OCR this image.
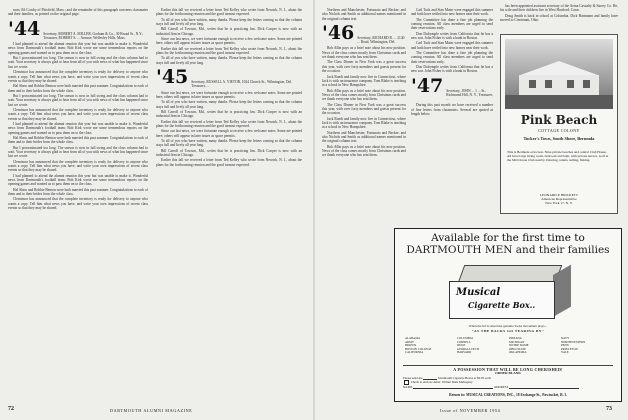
sons; Ed Crosby of Pittsfield, Mass.; and the remainder of this paragraph concerns classmates and their families, as printed on the original page.

'44 Secretary, ROBERT A. MILLER, Gorham & Co., 30 Broad St., N.Y.; Treasurer, ROBERT S. ... Avenue, Wellesley Hills, Mass.

I had planned to attend the alumni reunion this year but was unable to make it. Wonderful news from Dartmouth's football team: Bob Kirk wrote me some tremendous reports on the opening games and wanted us to pass them on to the class.

But I procrastinated too long. The season is now in full swing and the class column had to wait. Your secretary is always glad to hear from all of you with news of what has happened since last we wrote.

Cleminsor has announced that the complete inventory is ready for delivery to anyone who wants a copy. Tell him what news you have, and write your own impressions of recent class events so that they may be shared.

Hal Shaw and Robbie Benton were both married this past summer. Congratulations to each of them and to their brides from the whole class.

But I procrastinated too long. The season is now in full swing and the class column had to wait. Your secretary is always glad to hear from all of you with news of what has happened since last we wrote.

Cleminsor has announced that the complete inventory is ready for delivery to anyone who wants a copy. Tell him what news you have, and write your own impressions of recent class events so that they may be shared.

I had planned to attend the alumni reunion this year but was unable to make it. Wonderful news from Dartmouth's football team: Bob Kirk wrote me some tremendous reports on the opening games and wanted us to pass them on to the class.

Hal Shaw and Robbie Benton were both married this past summer. Congratulations to each of them and to their brides from the whole class.

But I procrastinated too long. The season is now in full swing and the class column had to wait. Your secretary is always glad to hear from all of you with news of what has happened since last we wrote.

Cleminsor has announced that the complete inventory is ready for delivery to anyone who wants a copy. Tell him what news you have, and write your own impressions of recent class events so that they may be shared.

I had planned to attend the alumni reunion this year but was unable to make it. Wonderful news from Dartmouth's football team: Bob Kirk wrote me some tremendous reports on the opening games and wanted us to pass them on to the class.

Hal Shaw and Robbie Benton were both married this past summer. Congratulations to each of them and to their brides from the whole class.

Cleminsor has announced that the complete inventory is ready for delivery to anyone who wants a copy. Tell him what news you have, and write your own impressions of recent class events so that they may be shared.

Earlier this fall we received a letter from Ted Kelley who wrote from Newark, N. J., about the plans for the forthcoming reunion and the good turnout expected.

To all of you who have written, many thanks. Please keep the letters coming so that the column stays full and lively all year long.

Bill Carroll of Towson, Md., writes that he is practicing law. Dick Cooper is now with an industrial firm in Chicago.

Since our last news, we were fortunate enough to receive a few welcome notes. Some are printed here; others will appear in later issues as space permits.

Earlier this fall we received a letter from Ted Kelley who wrote from Newark, N. J., about the plans for the forthcoming reunion and the good turnout expected.

To all of you who have written, many thanks. Please keep the letters coming so that the column stays full and lively all year long.

'45 Secretary, RUSSELL A. VIETOR, 1024 Church St., Wilmington, Del. Treasurer, ...

Since our last news, we were fortunate enough to receive a few welcome notes. Some are printed here; others will appear in later issues as space permits.

To all of you who have written, many thanks. Please keep the letters coming so that the column stays full and lively all year long.

Bill Carroll of Towson, Md., writes that he is practicing law. Dick Cooper is now with an industrial firm in Chicago.

Earlier this fall we received a letter from Ted Kelley who wrote from Newark, N. J., about the plans for the forthcoming reunion and the good turnout expected.

Since our last news, we were fortunate enough to receive a few welcome notes. Some are printed here; others will appear in later issues as space permits.

To all of you who have written, many thanks. Please keep the letters coming so that the column stays full and lively all year long.

Bill Carroll of Towson, Md., writes that he is practicing law. Dick Cooper is now with an industrial firm in Chicago.

Earlier this fall we received a letter from Ted Kelley who wrote from Newark, N. J., about the plans for the forthcoming reunion and the good turnout expected.

Northern and Manchester, Fortunato and Becker; and also Nichols and Smith as additional names mentioned in the original column text.

'46 Secretary, RICHARD R. ... 2140 ... Road, Wilmington, Del.

Bob Allin pays us a brief note about his new position. News of the class comes mostly from Christmas cards and we thank everyone who has sent them.

The Class Dinner in New York was a great success this year, with over forty members and guests present for the occasion.

Jack Ruedi and family now live in Connecticut, where Jack is with an insurance company. Tom Blake is teaching at a school in New Hampshire.

Bob Allin pays us a brief note about his new position. News of the class comes mostly from Christmas cards and we thank everyone who has sent them.

The Class Dinner in New York was a great success this year, with over forty members and guests present for the occasion.

Jack Ruedi and family now live in Connecticut, where Jack is with an insurance company. Tom Blake is teaching at a school in New Hampshire.

Northern and Manchester, Fortunato and Becker; and also Nichols and Smith as additional names mentioned in the original column text.

Bob Allin pays us a brief note about his new position. News of the class comes mostly from Christmas cards and we thank everyone who has sent them.

Carl Tuck and Stan Mater were engaged this summer and both have settled into new homes near their work.

The Committee has done a fine job planning the coming reunion. All class members are urged to send their reservations early.

Don Dalrymple writes from California that he has a new son. John Fisher is with a bank in Boston.

Carl Tuck and Stan Mater were engaged this summer and both have settled into new homes near their work.

The Committee has done a fine job planning the coming reunion. All class members are urged to send their reservations early.

Don Dalrymple writes from California that he has a new son. John Fisher is with a bank in Boston.

'47 Secretary, JOHN ... 1 ... St., Richmond Hill, N. Y., Treasurer, ...

During this past month we have received a number of fine letters from classmates. Several are quoted at length below.

has been appointed assistant secretary of the Aetna Casualty & Surety Co. He, his wife and their children live in West Hartford, Conn.

Doug Smith is back in school at Columbia. Dick Hartmann and family have moved to Cincinnati, Ohio.

Pink Beach
COTTAGE COLONY
Tucker's Town, South Shore, Bermuda
This is Bermuda at its best. Nine private beaches and central Club House. All have large living room, bedroom and bath, with private terrace. Golf at the Mid Ocean Club nearby. Dancing, tennis, sailing, fishing.
LEONARD P. BRICKETT
American Representative
New York 17, N. Y.
Available for the first time to
DARTMOUTH MEN and their families
Musical
Cigarette Box..
When the lid is raised the genuine Swiss movement plays...
"AS THE BACKS GO TEARING BY"
ALABAMA	COLUMBIA	INDIANA	NAVY
ARMY	CORNELL	MICHIGAN	NORTHWESTERN
BROWN	DUKE	NOTRE DAME	PENN
BOSTON COLLEGE	GEORGIA TECH	OHIO STATE	PRINCETON
CALIFORNIA	HARVARD	OKLAHOMA	YALE
A POSSESSION THAT WILL BE LONG CHERISHED!
ORDER BLANK
Please send me	Dartmouth Cigarette Boxes at $9.95 each
Check to enclose Amer. Walnut Dark Mahogany
NAME	ADDRESS
Return to: MUSICAL CREATIONS, INC., 18 Exchange St., Pawtucket, R. I.
72	DARTMOUTH ALUMNI MAGAZINE	Issue of NOVEMBER 1954	73
